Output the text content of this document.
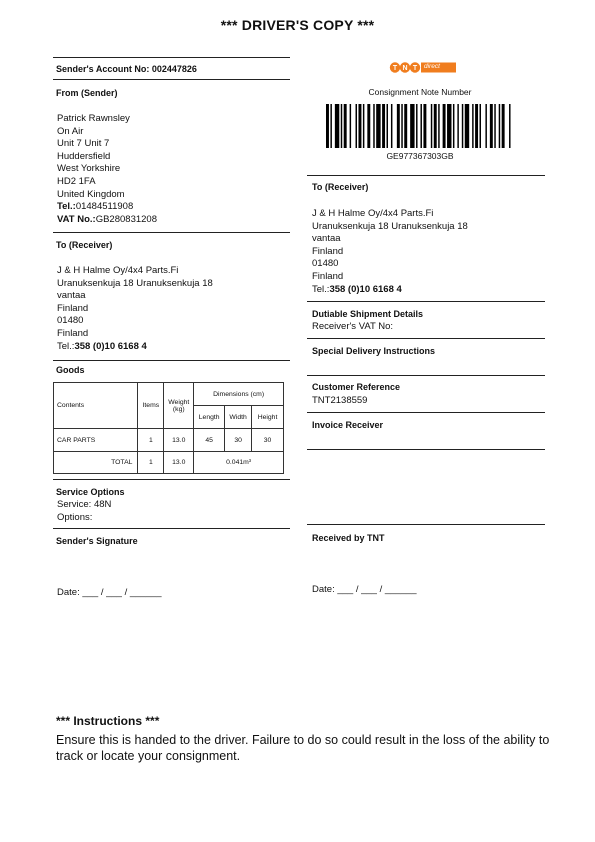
*** DRIVER'S COPY ***
Sender's Account No: 002447826
From (Sender)
Patrick Rawnsley
On Air
Unit 7 Unit 7
Huddersfield
West Yorkshire
HD2 1FA
United Kingdom
Tel.:01484511908
VAT No.:GB280831208
To (Receiver)
J & H Halme Oy/4x4 Parts.Fi
Uranuksenkuja 18 Uranuksenkuja 18
vantaa
Finland
01480
Finland
Tel.:358 (0)10 6168 4
Goods
Contents	Items	Weight (kg)	Dimensions (cm)		
			Length	Width	Height
CAR PARTS	1	13.0	45	30	30
TOTAL	1	13.0	0.041m³		
Service Options
Service: 48N
Options:
Sender's Signature
Date: ___ / ___ / ______
T N T direct
Consignment Note Number
GE977367303GB
To (Receiver)
J & H Halme Oy/4x4 Parts.Fi
Uranuksenkuja 18 Uranuksenkuja 18
vantaa
Finland
01480
Finland
Tel.:358 (0)10 6168 4
Dutiable Shipment Details
Receiver's VAT No:
Special Delivery Instructions
Customer Reference
TNT2138559
Invoice Receiver
Received by TNT
Date: ___ / ___ / ______
*** Instructions ***
Ensure this is handed to the driver. Failure to do so could result in the loss of the ability to track or locate your consignment.
